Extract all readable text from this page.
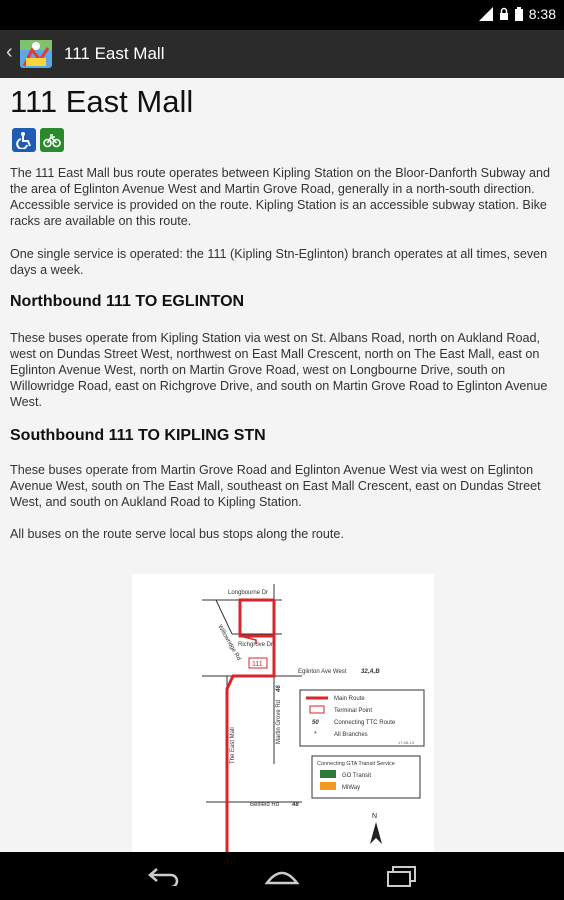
8:38
‹	111 East Mall
111 East Mall

The 111 East Mall bus route operates between Kipling Station on the Bloor-Danforth Subway and the area of Eglinton Avenue West and Martin Grove Road, generally in a north-south direction. Accessible service is provided on the route. Kipling Station is an accessible subway station. Bike racks are available on this route.

One single service is operated: the 111 (Kipling Stn-Eglinton) branch operates at all times, seven days a week.

Northbound 111 TO EGLINTON

These buses operate from Kipling Station via west on St. Albans Road, north on Aukland Road, west on Dundas Street West, northwest on East Mall Crescent, north on The East Mall, east on Eglinton Avenue West, north on Martin Grove Road, west on Longbourne Drive, south on Willowridge Road, east on Richgrove Drive, and south on Martin Grove Road to Eglinton Avenue West.

Southbound 111 TO KIPLING STN

These buses operate from Martin Grove Road and Eglinton Avenue West via west on Eglinton Avenue West, south on The East Mall, southeast on East Mall Crescent, east on Dundas Street West, and south on Aukland Road to Kipling Station.

All buses on the route serve local bus stops along the route.

111
Longbourne Dr
Willowridge Rd
Richgrove Dr
Eglinton Ave West 32,A,B
Martin Grove Rd
46
The East Mall
Belfield Rd 48
Main Route
Terminal Point
50	Connecting TTC Route
*	All Branches
17-08-13
Connecting GTA Transit Service
GO Transit
MiWay
N
